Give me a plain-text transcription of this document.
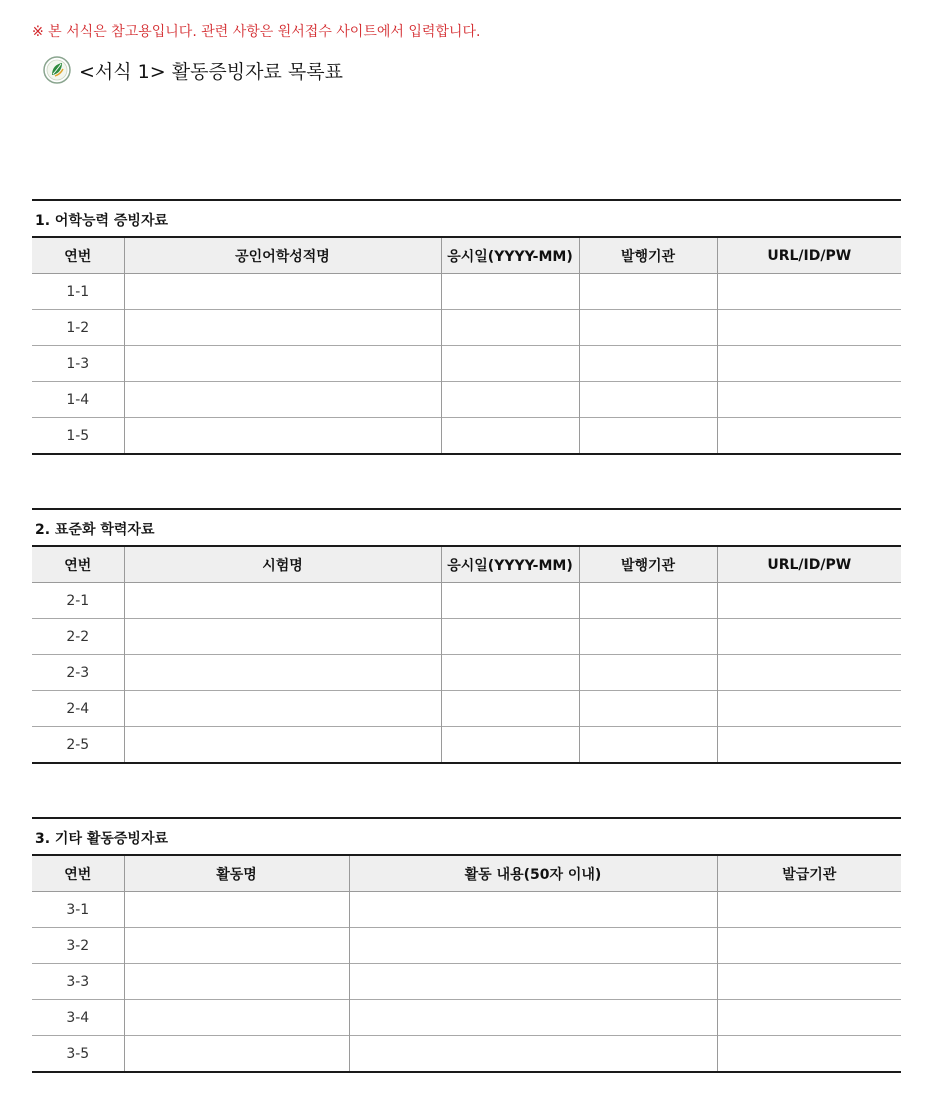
※ 본 서식은 참고용입니다. 관련 사항은 원서접수 사이트에서 입력합니다.
<서식 1> 활동증빙자료 목록표
1. 어학능력 증빙자료
연번	공인어학성적명	응시일(YYYY-MM)	발행기관	URL/ID/PW
1-1				
1-2				
1-3				
1-4				
1-5				
2. 표준화 학력자료
연번	시험명	응시일(YYYY-MM)	발행기관	URL/ID/PW
2-1				
2-2				
2-3				
2-4				
2-5				
3. 기타 활동증빙자료
연번	활동명	활동 내용(50자 이내)	발급기관
3-1			
3-2			
3-3			
3-4			
3-5			
